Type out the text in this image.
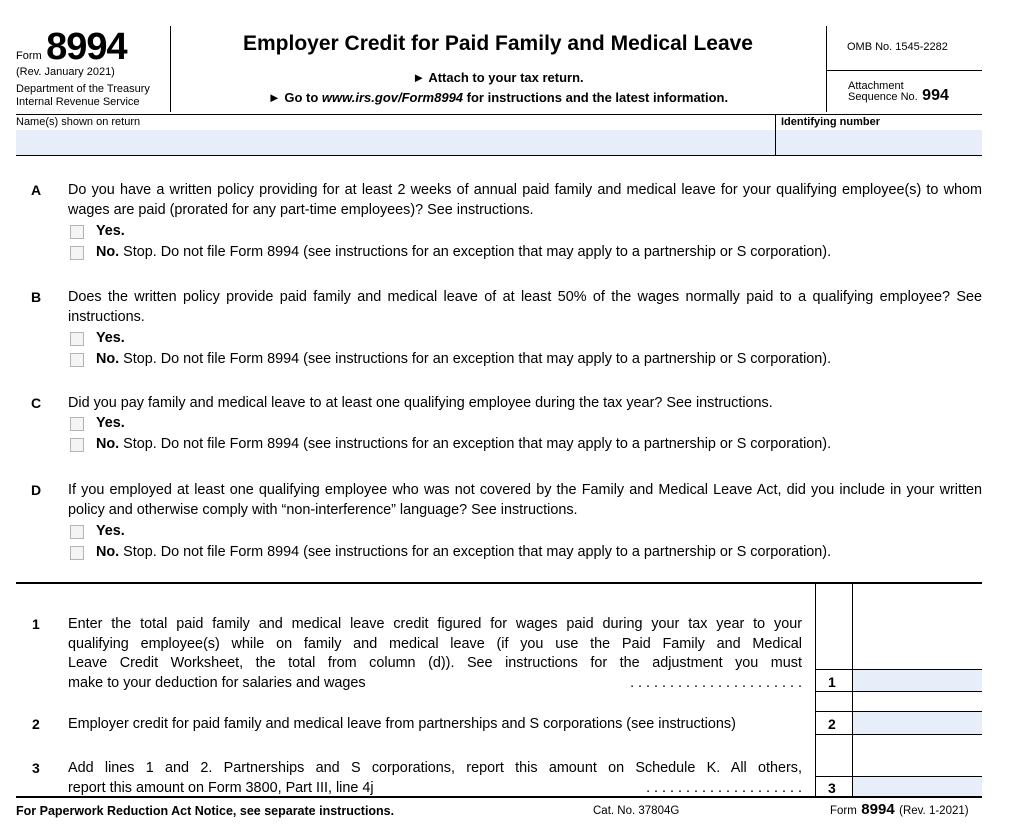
Form 8994
(Rev. January 2021)
Department of the Treasury
Internal Revenue Service
Employer Credit for Paid Family and Medical Leave
► Attach to your tax return.
► Go to www.irs.gov/Form8994 for instructions and the latest information.
OMB No. 1545-2282
Attachment
Sequence No. 994
Name(s) shown on return	Identifying number
A Do you have a written policy providing for at least 2 weeks of annual paid family and medical leave for your qualifying employee(s) to whom wages are paid (prorated for any part-time employees)? See instructions.
Yes.
No. Stop. Do not file Form 8994 (see instructions for an exception that may apply to a partnership or S corporation).
B Does the written policy provide paid family and medical leave of at least 50% of the wages normally paid to a qualifying employee? See instructions.
Yes.
No. Stop. Do not file Form 8994 (see instructions for an exception that may apply to a partnership or S corporation).
C Did you pay family and medical leave to at least one qualifying employee during the tax year? See instructions.
Yes.
No. Stop. Do not file Form 8994 (see instructions for an exception that may apply to a partnership or S corporation).
D If you employed at least one qualifying employee who was not covered by the Family and Medical Leave Act, did you include in your written policy and otherwise comply with “non-interference” language? See instructions.
Yes.
No. Stop. Do not file Form 8994 (see instructions for an exception that may apply to a partnership or S corporation).
1 Enter the total paid family and medical leave credit figured for wages paid during your tax year to your
qualifying employee(s) while on family and medical leave (if you use the Paid Family and Medical
Leave Credit Worksheet, the total from column (d)). See instructions for the adjustment you must
make to your deduction for salaries and wages	. . . . . . . . . . . . . . . . . . . . . . 1
2 Employer credit for paid family and medical leave from partnerships and S corporations (see instructions)	2
3 Add lines 1 and 2. Partnerships and S corporations, report this amount on Schedule K. All others,
report this amount on Form 3800, Part III, line 4j	. . . . . . . . . . . . . . . . . . . . 3
For Paperwork Reduction Act Notice, see separate instructions.	Cat. No. 37804G	Form 8994 (Rev. 1-2021)
